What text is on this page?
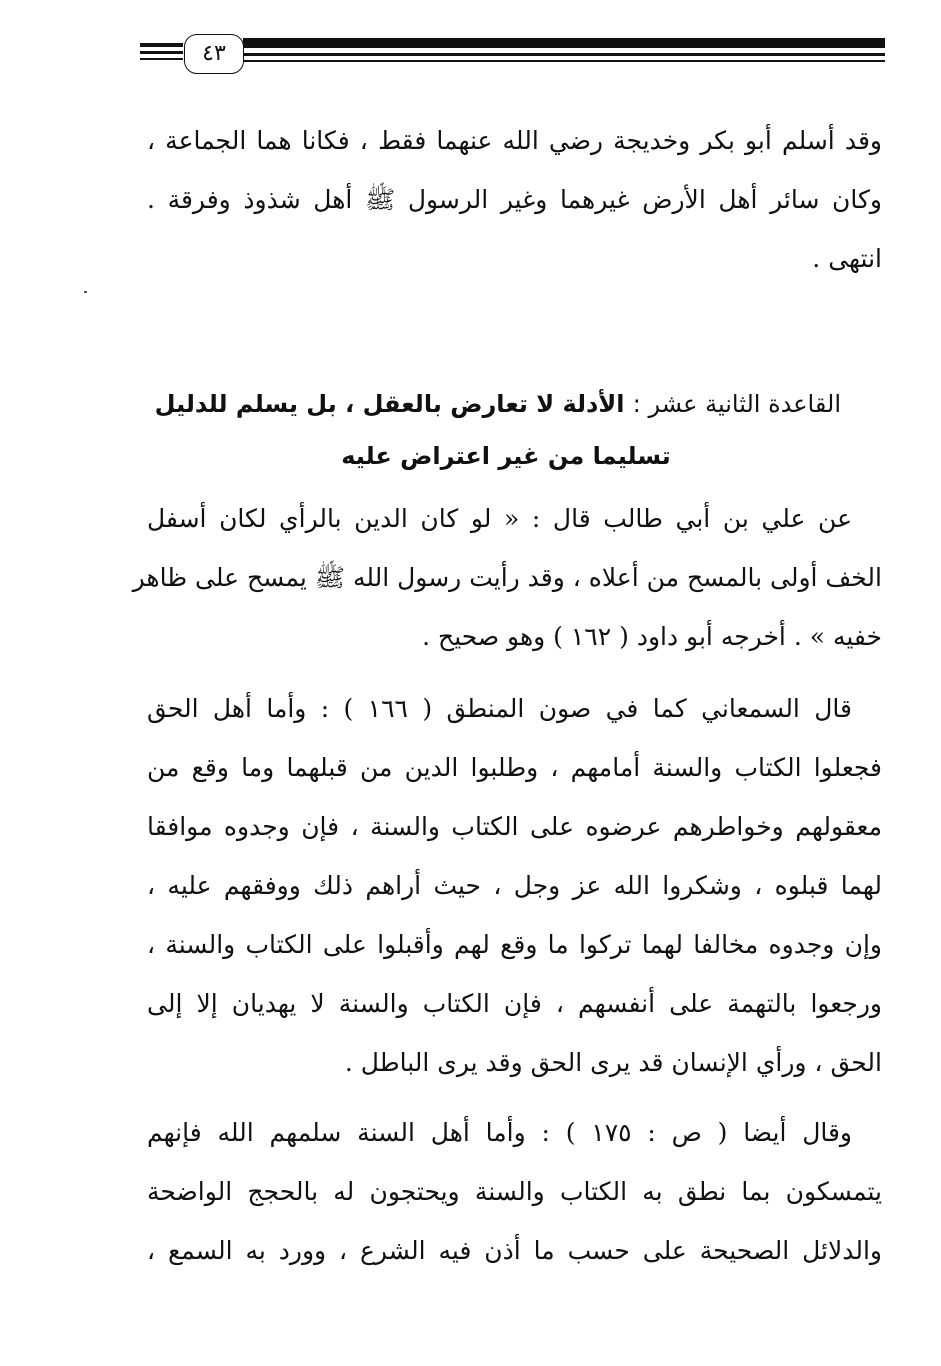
٤٣
وقد أسلم أبو بكر وخديجة رضي الله عنهما فقط ، فكانا هما الجماعة ،
وكان سائر أهل الأرض غيرهما وغير الرسول ﷺ أهل شذوذ وفرقة .
انتهى .
القاعدة الثانية عشر : الأدلة لا تعارض بالعقل ، بل يسلم للدليل
تسليما من غير اعتراض عليه
عن علي بن أبي طالب قال : « لو كان الدين بالرأي لكان أسفل
الخف أولى بالمسح من أعلاه ، وقد رأيت رسول الله ﷺ يمسح على ظاهر
خفيه » . أخرجه أبو داود ( ١٦٢ ) وهو صحيح .
قال السمعاني كما في صون المنطق ( ١٦٦ ) : وأما أهل الحق
فجعلوا الكتاب والسنة أمامهم ، وطلبوا الدين من قبلهما وما وقع من
معقولهم وخواطرهم عرضوه على الكتاب والسنة ، فإن وجدوه موافقا
لهما قبلوه ، وشكروا الله عز وجل ، حيث أراهم ذلك ووفقهم عليه ،
وإن وجدوه مخالفا لهما تركوا ما وقع لهم وأقبلوا على الكتاب والسنة ،
ورجعوا بالتهمة على أنفسهم ، فإن الكتاب والسنة لا يهديان إلا إلى
الحق ، ورأي الإنسان قد يرى الحق وقد يرى الباطل .
وقال أيضا ( ص : ١٧٥ ) : وأما أهل السنة سلمهم الله فإنهم
يتمسكون بما نطق به الكتاب والسنة ويحتجون له بالحجج الواضحة
والدلائل الصحيحة على حسب ما أذن فيه الشرع ، وورد به السمع ،
